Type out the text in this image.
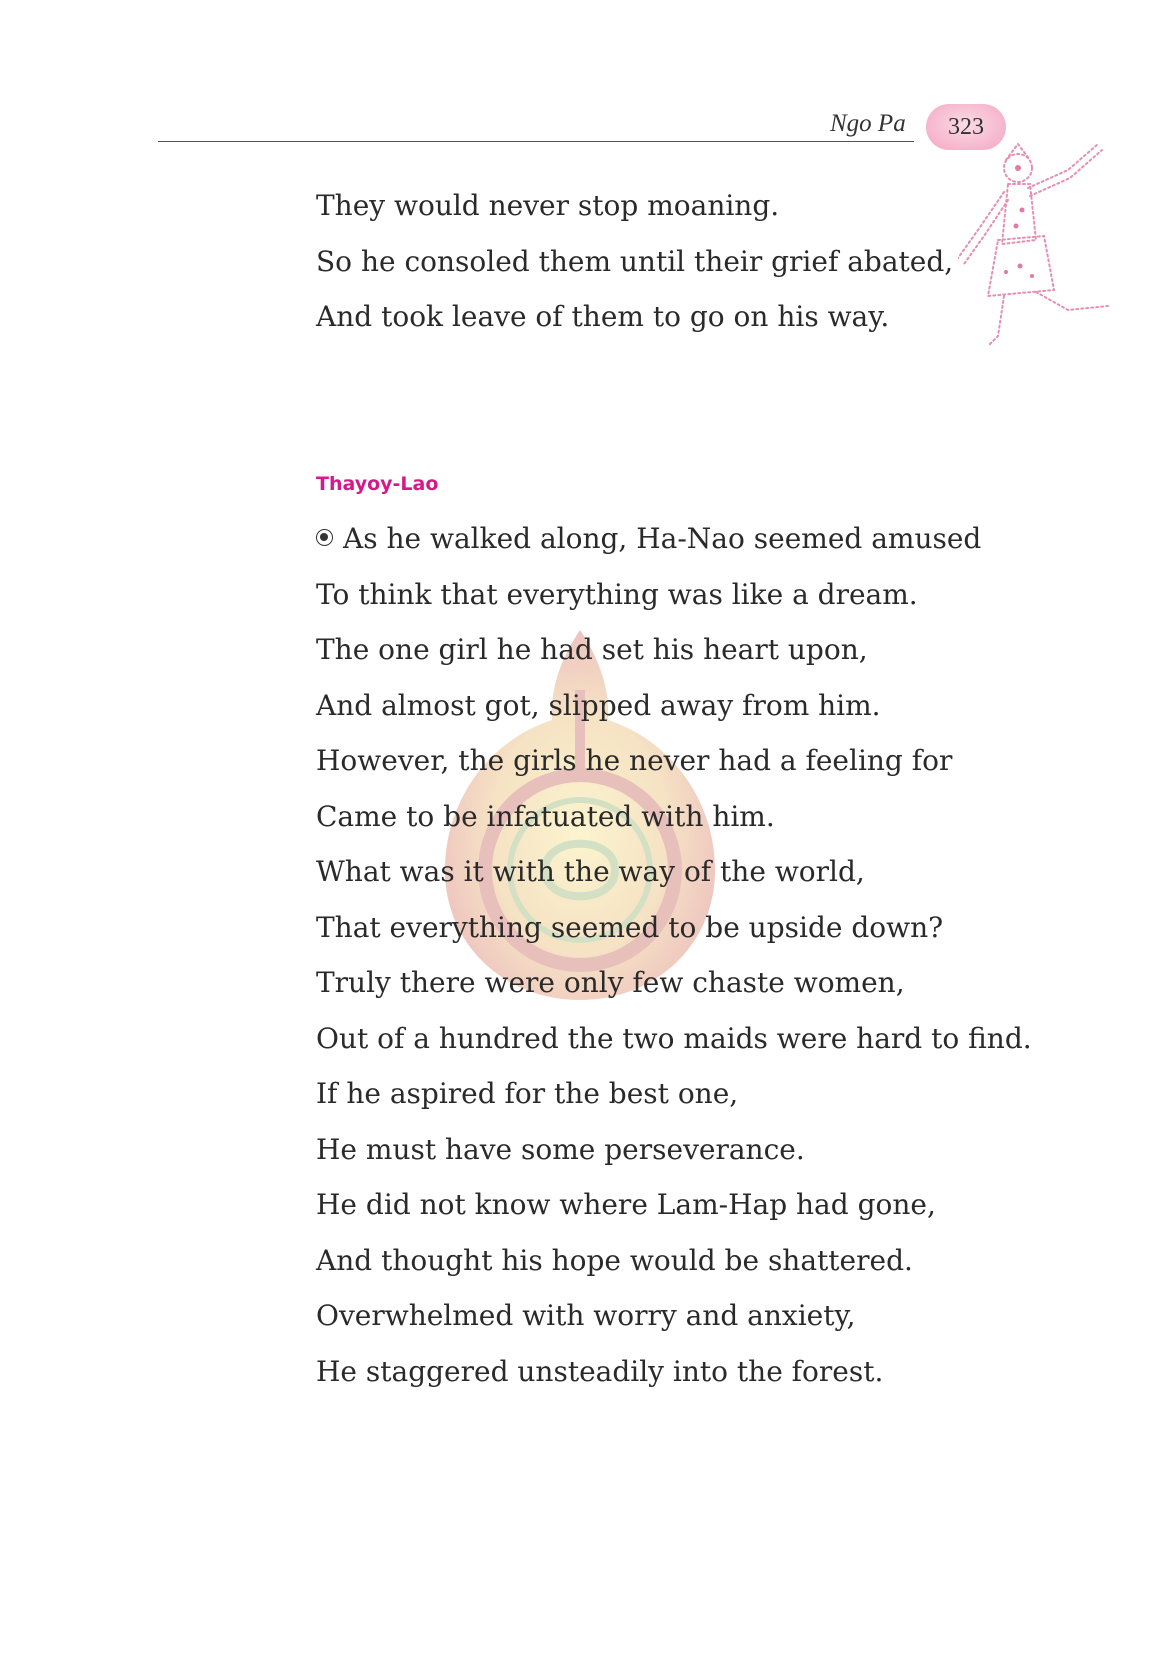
Ngo Pa 323
They would never stop moaning.
So he consoled them until their grief abated,
And took leave of them to go on his way.
Thayoy-Lao
As he walked along, Ha-Nao seemed amused
To think that everything was like a dream.
The one girl he had set his heart upon,
And almost got, slipped away from him.
However, the girls he never had a feeling for
Came to be infatuated with him.
What was it with the way of the world,
That everything seemed to be upside down?
Truly there were only few chaste women,
Out of a hundred the two maids were hard to find.
If he aspired for the best one,
He must have some perseverance.
He did not know where Lam-Hap had gone,
And thought his hope would be shattered.
Overwhelmed with worry and anxiety,
He staggered unsteadily into the forest.
